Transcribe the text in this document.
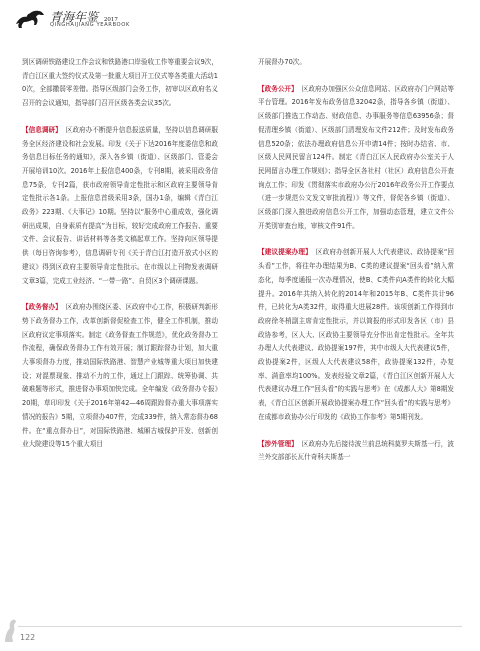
青海年鉴 2017
QINGHAIJIANG YEARBOOK

到区调研铁路建设工作会议和铁路港口岸验收工作等重要会议9次，青白江区重大签约仪式及第一批重大项目开工仪式等各类重大活动10次，全部撒弱零差错。指导区级部门会务工作，初审以区政府名义召开的会议通知，指导部门召开区级各类会议35次。

【信息调研】 区政府办不断提升信息报送质量，坚持以信息调研服务全区经济建设和社会发展。印发《关于下达2016年度委信息和政务信息目标任务的通知》，深入各乡镇（街道）、区级部门、管委会开展培训10次。2016年上报信息400条，专刊8期，被采用政务信息75条，专刊2篇，获市政府领导肯定性批示和区政府主要领导肯定性批示各1条。上报信息首级采用3条，国办1条，编辑《青白江政务》223期、《大事记》10期。坚持以“服务中心重成效，强化调研出成果，自身素质有提高”为目标，较好完成政府工作报告、重要文件、会议报告、讲话材料等各类文稿起草工作。坚持向区领导提供（每日咨询参考），信息调研专刊《关于青白江打造开放式小区的建议》得到区政府主要领导肯定性批示。在市级以上刊物发表调研文章3篇，完成工业经济、“一带一路”、自贸区3个调研课题。

【政务督办】 区政府办围绕区委、区政府中心工作，积极研判新形势下政务督办工作，改革创新督促检查工作，健全工作机制，推动区政府议定事项落实。制定《政务督查工作规范》，优化政务督办工作流程，确保政务督办工作有效开展；制订跟踪督办计划，加大重大事项督办力度，推动国际铁路港、智慧产业城等重大项目加快建设；对混票现象、推动不力的工作，通过上门跟踪、统筹协调、共破难题等形式，推进督办事项加快完成。全年编发《政务督办专报》20期，草印印发《关于2016年第42—46周跟踪督办重大事项落实情况的报告》5期，立项督办407件，完成339件，纳入常态督办68件。在“重点督办日”，对国际铁路港、城厢古城保护开发、创新创业大院建设等15个重大项目

开展督办70次。

【政务公开】 区政府办加强区公众信息网站、区政府办门户网站等平台管理。2016年发布政务信息32042条，指导各乡镇（街道）、区级部门推选工作动态、财政信息、办事服务等信息63956条；督促清理乡镇（街道）、区级部门清理发布文件212件；及时发布政务信息520条；依法办理政府信息公开申请14件；按时办结省、市、区级人民网民留言124件。制定《青白江区人民政府办公室关于人民网留言办理工作规则》；指导全区各社村（社区）政府信息公开查询点工作；印发《贯彻落实市政府办公厅2016年政务公开工作要点（进一步规范公文发文审批流程）》等文件，督促各乡镇（街道）、区级部门深入推进政府信息公开工作，加强动态管理，建立文件公开类别审查台账，审核文件91件。

【建议提案办理】 区政府办创新开展人大代表建议、政协提案“回头看”工作，将往年办理结果为B、C类的建议提案“回头看”纳入常态化，每季度通报一次办理情况，使B、C类件向A类件的转化大幅提升。2016年共纳入转化的2014年和2015年B、C类件共计96件，已转化为A类32件，取得重大进展28件。该项创新工作得到市政府徐冬梢副主席肯定性批示，并以简报的形式印发各区（市）县政协参考，区人大、区政协主要领导充分作出肯定性批示。全年共办理人大代表建议、政协提案197件，其中市级人大代表建议5件，政协提案2件，区级人大代表建议58件，政协提案132件，办复率、满意率均100%。发表经验文章2篇，《青白江区创新开展人大代表建议办理工作“回头看”的实践与思考》在《成都人大》第8期发表，《青白江区创新开展政协提案办理工作“回头看”的实践与思考》在成都市政协办公厅印发的《政协工作参考》第5期刊发。

【涉外管理】 区政府办先后接待波兰前总统科莫罗夫斯基一行，波兰外交部部长瓦什奇科夫斯基一

122
